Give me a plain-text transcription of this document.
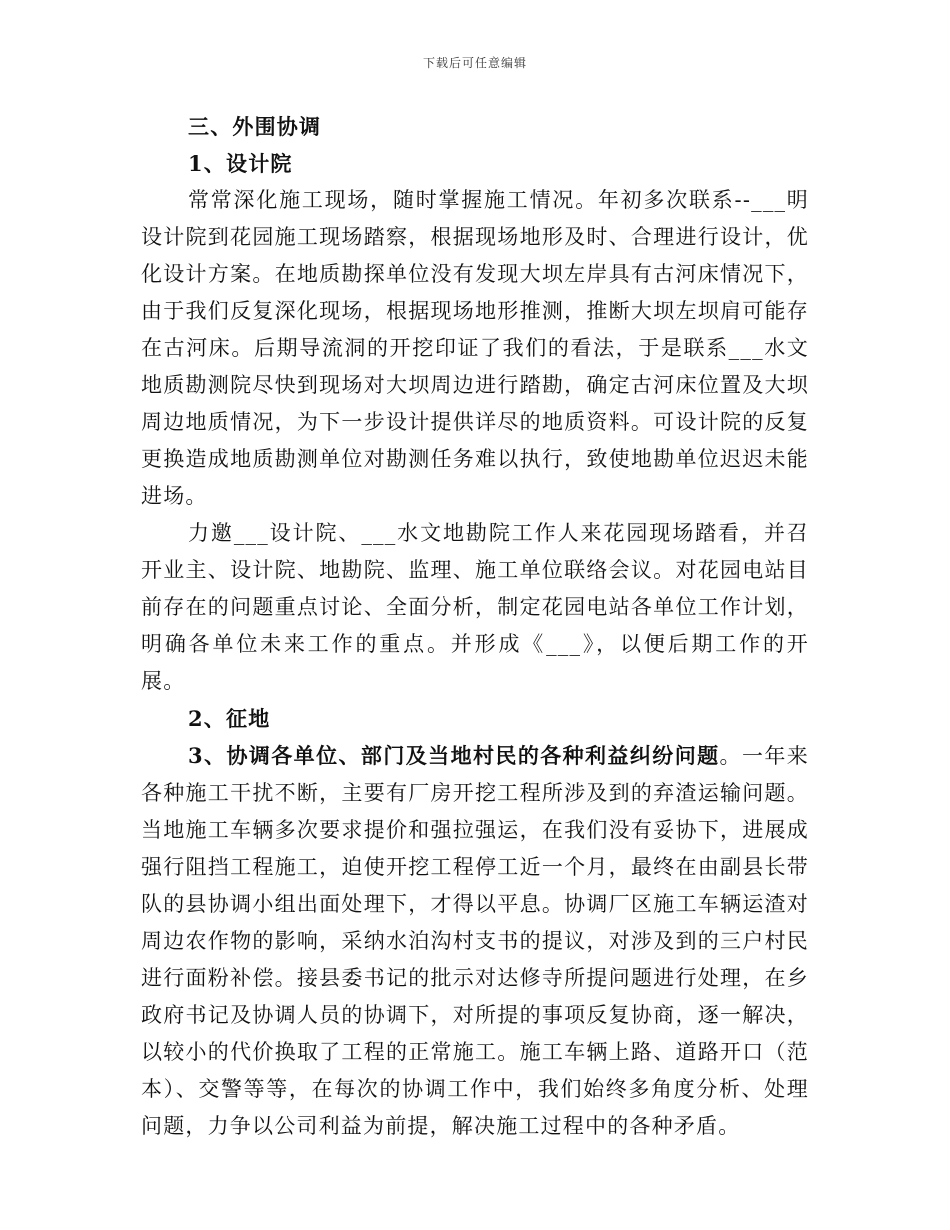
下载后可任意编辑

三、外围协调

1、设计院

常常深化施工现场，随时掌握施工情况。年初多次联系--___明设计院到花园施工现场踏察，根据现场地形及时、合理进行设计，优化设计方案。在地质勘探单位没有发现大坝左岸具有古河床情况下，由于我们反复深化现场，根据现场地形推测，推断大坝左坝肩可能存在古河床。后期导流洞的开挖印证了我们的看法，于是联系___水文地质勘测院尽快到现场对大坝周边进行踏勘，确定古河床位置及大坝周边地质情况，为下一步设计提供详尽的地质资料。可设计院的反复更换造成地质勘测单位对勘测任务难以执行，致使地勘单位迟迟未能进场。

力邀___设计院、___水文地勘院工作人来花园现场踏看，并召开业主、设计院、地勘院、监理、施工单位联络会议。对花园电站目前存在的问题重点讨论、全面分析，制定花园电站各单位工作计划，明确各单位未来工作的重点。并形成《___》，以便后期工作的开展。

2、征地

3、协调各单位、部门及当地村民的各种利益纠纷问题。一年来各种施工干扰不断，主要有厂房开挖工程所涉及到的弃渣运输问题。当地施工车辆多次要求提价和强拉强运，在我们没有妥协下，进展成强行阻挡工程施工，迫使开挖工程停工近一个月，最终在由副县长带队的县协调小组出面处理下，才得以平息。协调厂区施工车辆运渣对周边农作物的影响，采纳水泊沟村支书的提议，对涉及到的三户村民进行面粉补偿。接县委书记的批示对达修寺所提问题进行处理，在乡政府书记及协调人员的协调下，对所提的事项反复协商，逐一解决，以较小的代价换取了工程的正常施工。施工车辆上路、道路开口（范本）、交警等等，在每次的协调工作中，我们始终多角度分析、处理问题，力争以公司利益为前提，解决施工过程中的各种矛盾。
